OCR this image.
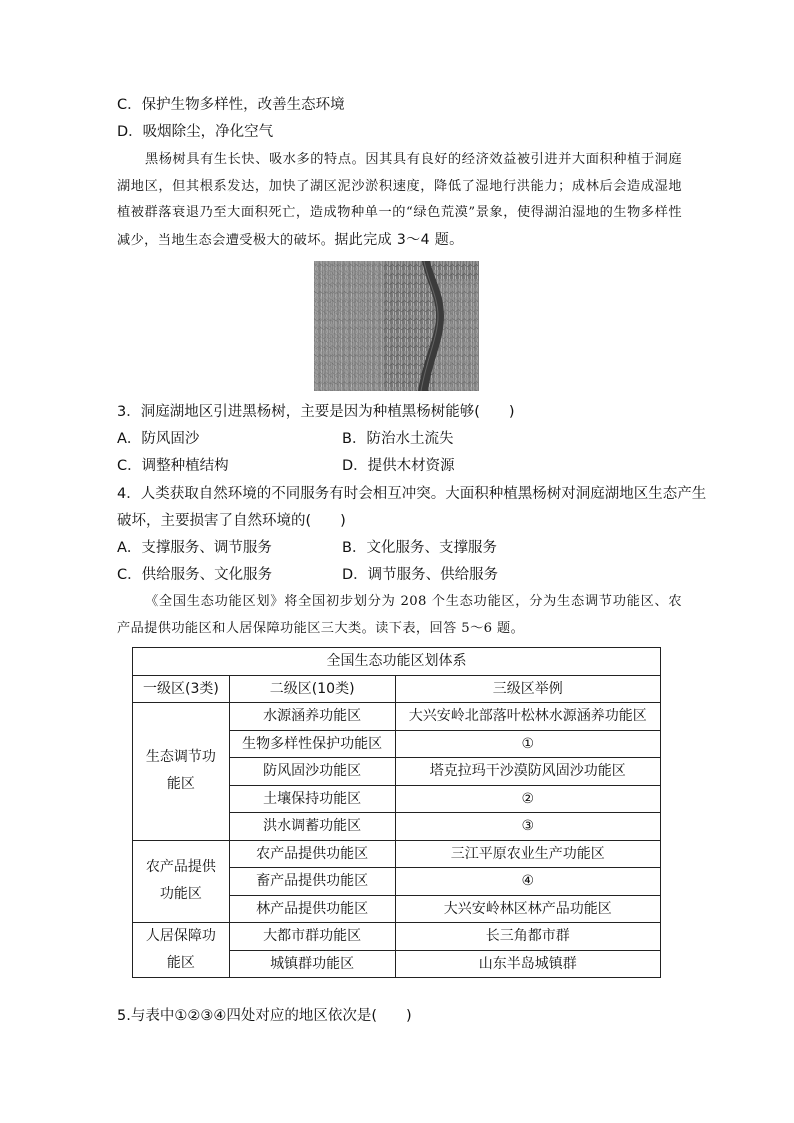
C．保护生物多样性，改善生态环境
D．吸烟除尘，净化空气
黑杨树具有生长快、吸水多的特点。因其具有良好的经济效益被引进并大面积种植于洞庭湖地区，但其根系发达，加快了湖区泥沙淤积速度，降低了湿地行洪能力；成林后会造成湿地植被群落衰退乃至大面积死亡，造成物种单一的“绿色荒漠”景象，使得湖泊湿地的生物多样性减少，当地生态会遭受极大的破坏。据此完成 3～4 题。
3．洞庭湖地区引进黑杨树，主要是因为种植黑杨树能够(　　)
A．防风固沙	B．防治水土流失
C．调整种植结构	D．提供木材资源
4．人类获取自然环境的不同服务有时会相互冲突。大面积种植黑杨树对洞庭湖地区生态产生
破坏，主要损害了自然环境的(　　)
A．支撑服务、调节服务	B．文化服务、支撑服务
C．供给服务、文化服务	D．调节服务、供给服务
《全国生态功能区划》将全国初步划分为 208 个生态功能区，分为生态调节功能区、农产品提供功能区和人居保障功能区三大类。读下表，回答 5～6 题。
全国生态功能区划体系		
一级区(3类)	二级区(10类)	三级区举例
生态调节功
能区	水源涵养功能区	大兴安岭北部落叶松林水源涵养功能区
	生物多样性保护功能区	①
	防风固沙功能区	塔克拉玛干沙漠防风固沙功能区
	土壤保持功能区	②
	洪水调蓄功能区	③
农产品提供
功能区	农产品提供功能区	三江平原农业生产功能区
	畜产品提供功能区	④
	林产品提供功能区	大兴安岭林区林产品功能区
人居保障功
能区	大都市群功能区	长三角都市群
	城镇群功能区	山东半岛城镇群
5.与表中①②③④四处对应的地区依次是(　　)
